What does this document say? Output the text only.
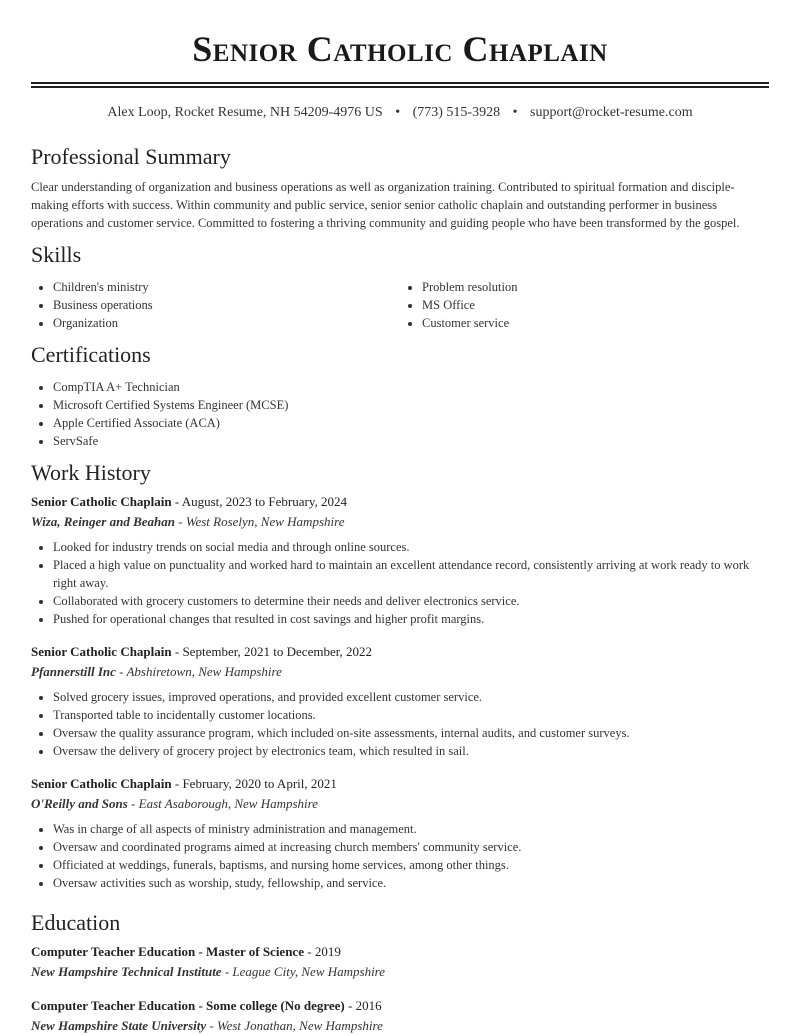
Senior Catholic Chaplain
Alex Loop, Rocket Resume, NH 54209-4976 US • (773) 515-3928 • support@rocket-resume.com
Professional Summary
Clear understanding of organization and business operations as well as organization training. Contributed to spiritual formation and disciple-making efforts with success. Within community and public service, senior senior catholic chaplain and outstanding performer in business operations and customer service. Committed to fostering a thriving community and guiding people who have been transformed by the gospel.
Skills
• Children's ministry
• Business operations
• Organization
• Problem resolution
• MS Office
• Customer service
Certifications
• CompTIA A+ Technician
• Microsoft Certified Systems Engineer (MCSE)
• Apple Certified Associate (ACA)
• ServSafe
Work History
Senior Catholic Chaplain - August, 2023 to February, 2024
Wiza, Reinger and Beahan - West Roselyn, New Hampshire
• Looked for industry trends on social media and through online sources.
• Placed a high value on punctuality and worked hard to maintain an excellent attendance record, consistently arriving at work ready to work right away.
• Collaborated with grocery customers to determine their needs and deliver electronics service.
• Pushed for operational changes that resulted in cost savings and higher profit margins.
Senior Catholic Chaplain - September, 2021 to December, 2022
Pfannerstill Inc - Abshiretown, New Hampshire
• Solved grocery issues, improved operations, and provided excellent customer service.
• Transported table to incidentally customer locations.
• Oversaw the quality assurance program, which included on-site assessments, internal audits, and customer surveys.
• Oversaw the delivery of grocery project by electronics team, which resulted in sail.
Senior Catholic Chaplain - February, 2020 to April, 2021
O'Reilly and Sons - East Asaborough, New Hampshire
• Was in charge of all aspects of ministry administration and management.
• Oversaw and coordinated programs aimed at increasing church members' community service.
• Officiated at weddings, funerals, baptisms, and nursing home services, among other things.
• Oversaw activities such as worship, study, fellowship, and service.
Education
Computer Teacher Education - Master of Science - 2019
New Hampshire Technical Institute - League City, New Hampshire
Computer Teacher Education - Some college (No degree) - 2016
New Hampshire State University - West Jonathan, New Hampshire
